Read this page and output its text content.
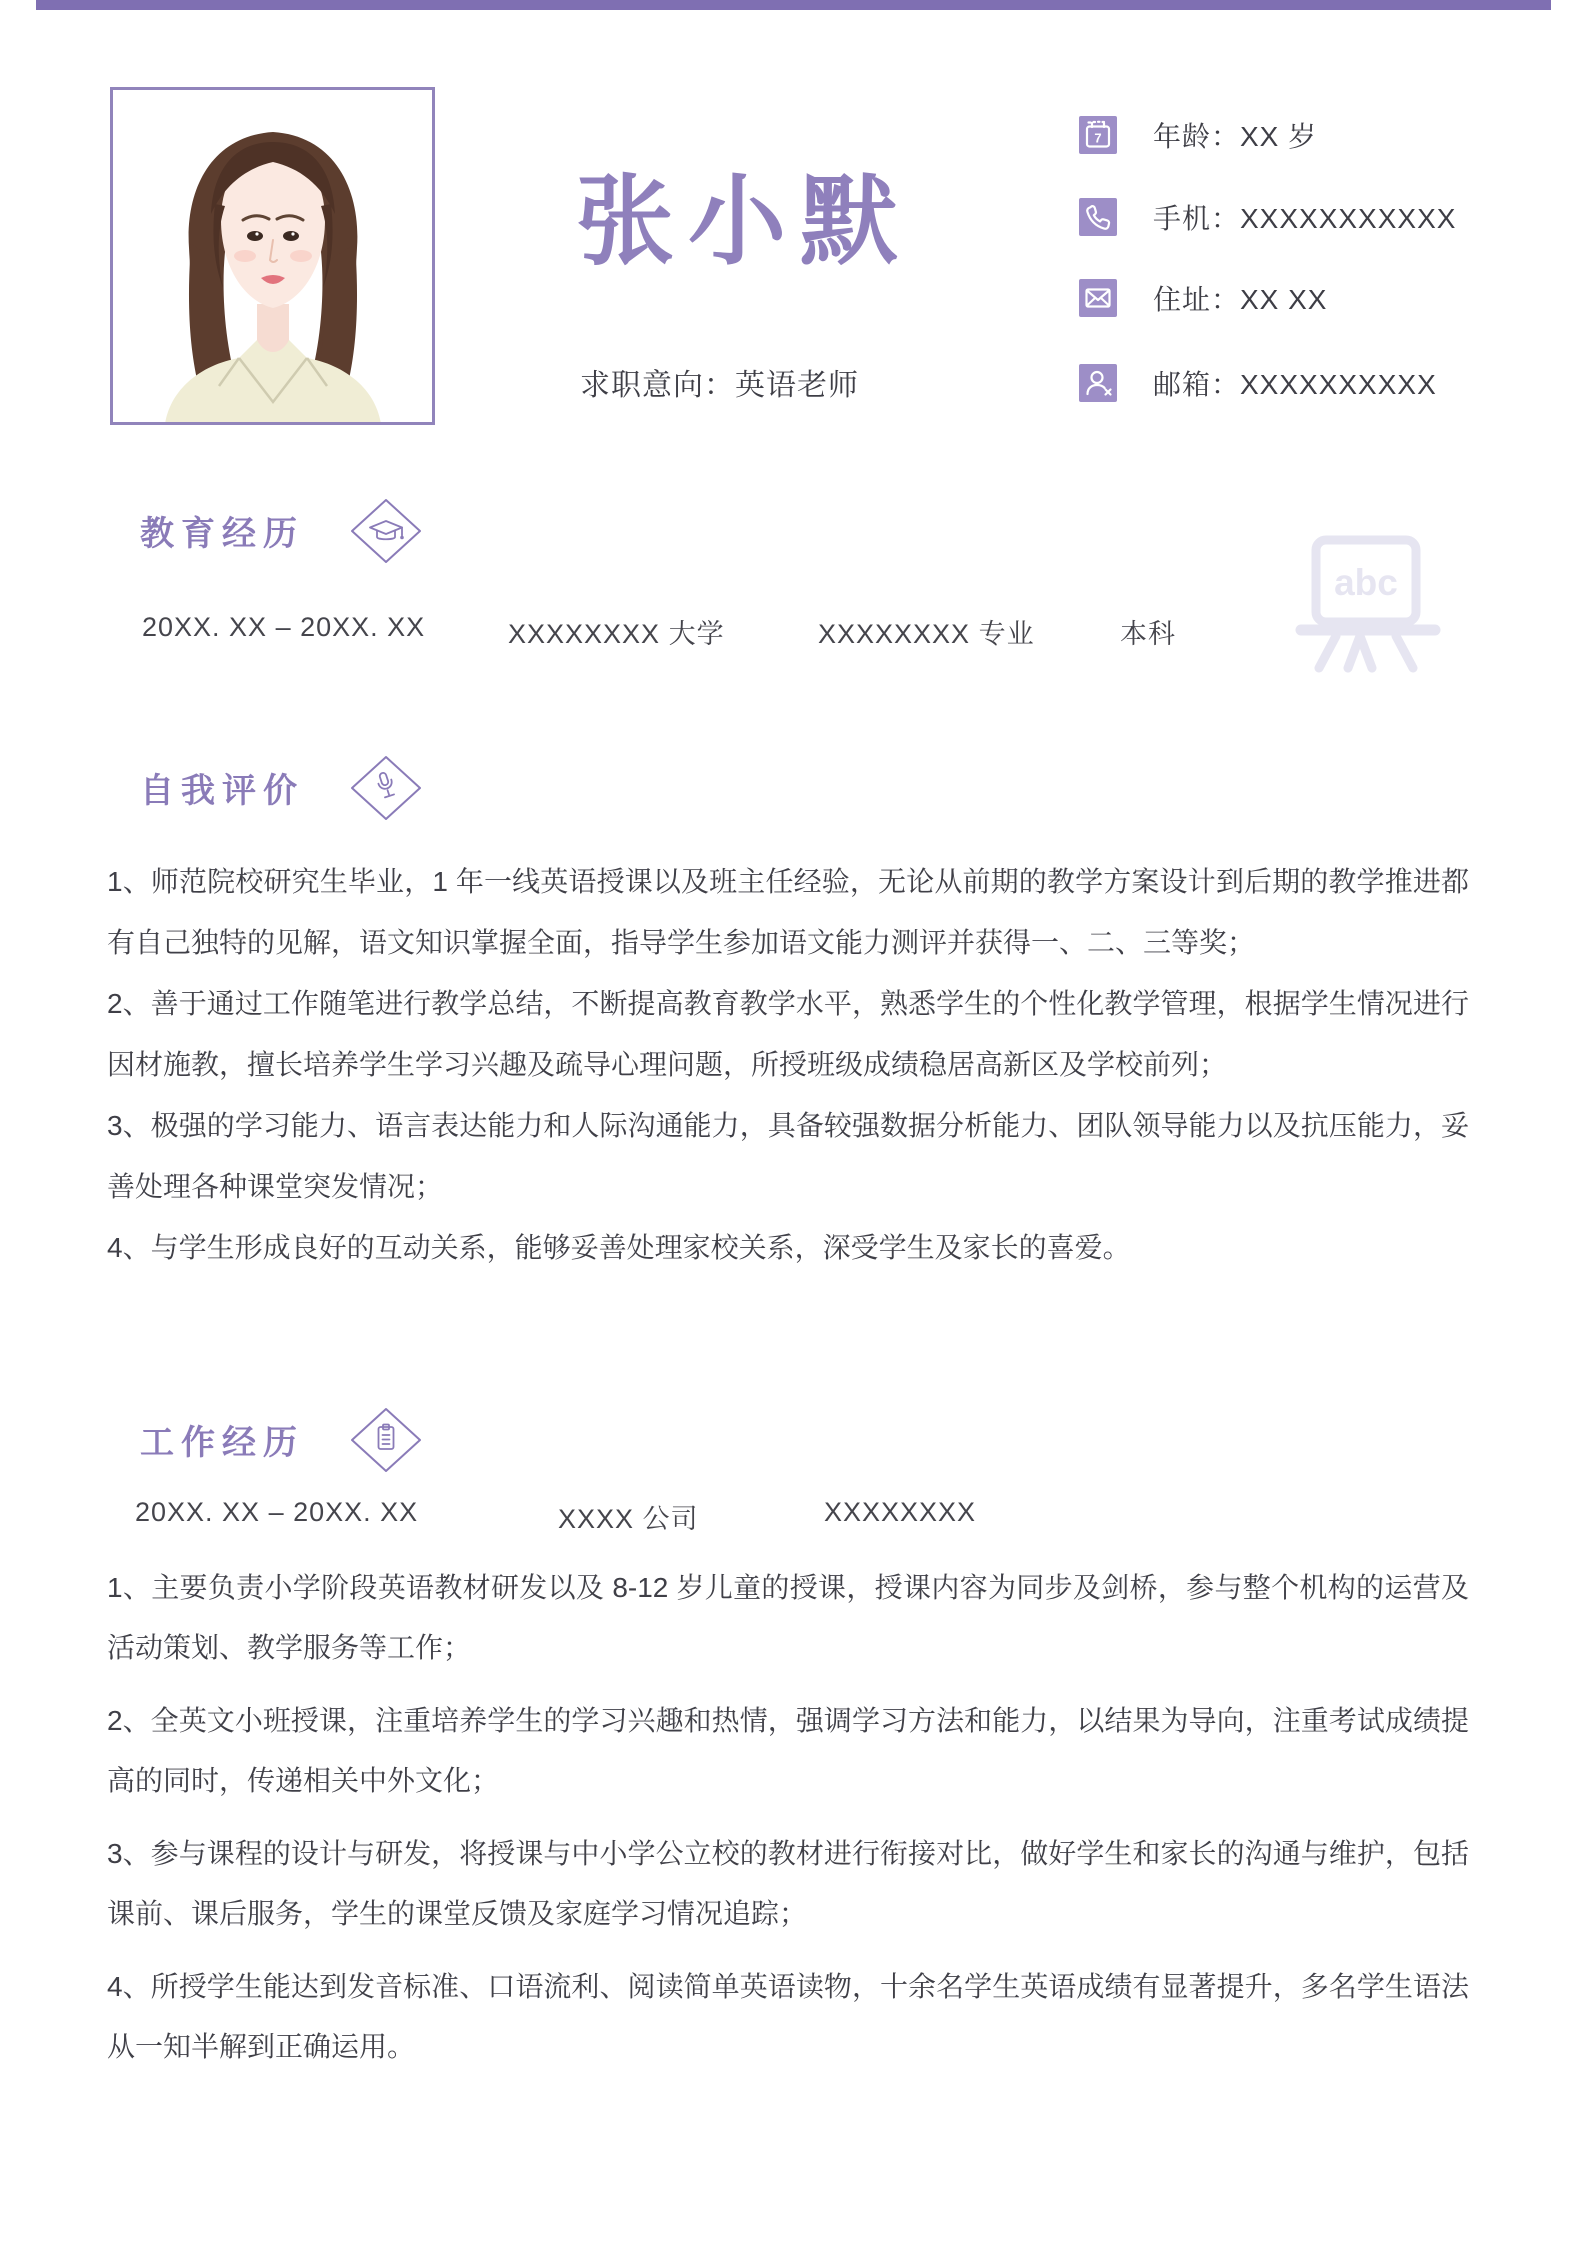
张小默
求职意向：英语老师
7 年龄：XX 岁
手机：XXXXXXXXXXX
住址：XX XX
邮箱：XXXXXXXXXX
abc
教育经历
20XX. XX – 20XX. XX	XXXXXXXX 大学	XXXXXXXX 专业	本科
自我评价

1、师范院校研究生毕业，1 年一线英语授课以及班主任经验，无论从前期的教学方案设计到后期的教学推进都有自己独特的见解，语文知识掌握全面，指导学生参加语文能力测评并获得一、二、三等奖；

2、善于通过工作随笔进行教学总结，不断提高教育教学水平，熟悉学生的个性化教学管理，根据学生情况进行因材施教，擅长培养学生学习兴趣及疏导心理问题，所授班级成绩稳居高新区及学校前列；

3、极强的学习能力、语言表达能力和人际沟通能力，具备较强数据分析能力、团队领导能力以及抗压能力，妥善处理各种课堂突发情况；

4、与学生形成良好的互动关系，能够妥善处理家校关系，深受学生及家长的喜爱。

工作经历
20XX. XX – 20XX. XX	XXXX 公司	XXXXXXXX

1、主要负责小学阶段英语教材研发以及 8-12 岁儿童的授课，授课内容为同步及剑桥，参与整个机构的运营及活动策划、教学服务等工作；

2、全英文小班授课，注重培养学生的学习兴趣和热情，强调学习方法和能力，以结果为导向，注重考试成绩提高的同时，传递相关中外文化；

3、参与课程的设计与研发，将授课与中小学公立校的教材进行衔接对比，做好学生和家长的沟通与维护，包括课前、课后服务，学生的课堂反馈及家庭学习情况追踪；

4、所授学生能达到发音标准、口语流利、阅读简单英语读物，十余名学生英语成绩有显著提升，多名学生语法从一知半解到正确运用。
